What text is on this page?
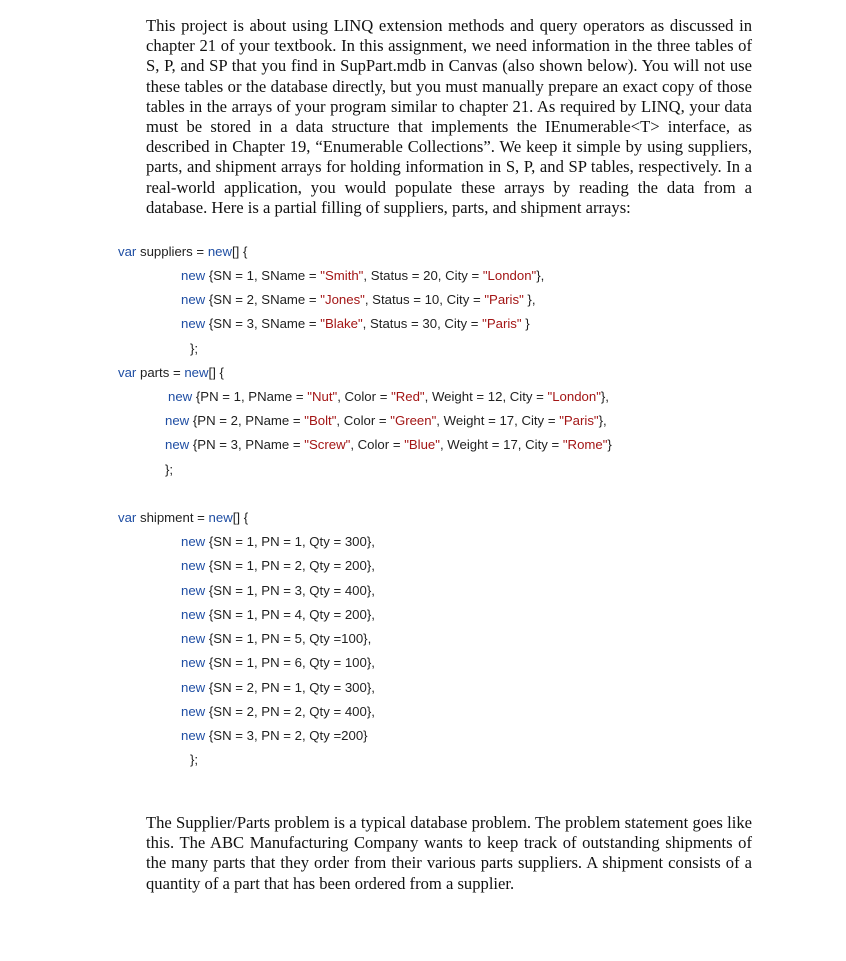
This project is about using LINQ extension methods and query operators as discussed in chapter 21 of your textbook. In this assignment, we need information in the three tables of S, P, and SP that you find in SupPart.mdb in Canvas (also shown below). You will not use these tables or the database directly, but you must manually prepare an exact copy of those tables in the arrays of your program similar to chapter 21. As required by LINQ, your data must be stored in a data structure that implements the IEnumerable<T> interface, as described in Chapter 19, “Enumerable Collections”. We keep it simple by using suppliers, parts, and shipment arrays for holding information in S, P, and SP tables, respectively. In a real-world application, you would populate these arrays by reading the data from a database. Here is a partial filling of suppliers, parts, and shipment arrays:

var suppliers = new[] {
new {SN = 1, SName = "Smith", Status = 20, City = "London"},
new {SN = 2, SName = "Jones", Status = 10, City = "Paris" },
new {SN = 3, SName = "Blake", Status = 30, City = "Paris" }
};
var parts = new[] {
new {PN = 1, PName = "Nut", Color = "Red", Weight = 12, City = "London"},
new {PN = 2, PName = "Bolt", Color = "Green", Weight = 17, City = "Paris"},
new {PN = 3, PName = "Screw", Color = "Blue", Weight = 17, City = "Rome"}
};
var shipment = new[] {
new {SN = 1, PN = 1, Qty = 300},
new {SN = 1, PN = 2, Qty = 200},
new {SN = 1, PN = 3, Qty = 400},
new {SN = 1, PN = 4, Qty = 200},
new {SN = 1, PN = 5, Qty =100},
new {SN = 1, PN = 6, Qty = 100},
new {SN = 2, PN = 1, Qty = 300},
new {SN = 2, PN = 2, Qty = 400},
new {SN = 3, PN = 2, Qty =200}
};

The Supplier/Parts problem is a typical database problem. The problem statement goes like this. The ABC Manufacturing Company wants to keep track of outstanding shipments of the many parts that they order from their various parts suppliers. A shipment consists of a quantity of a part that has been ordered from a supplier.
